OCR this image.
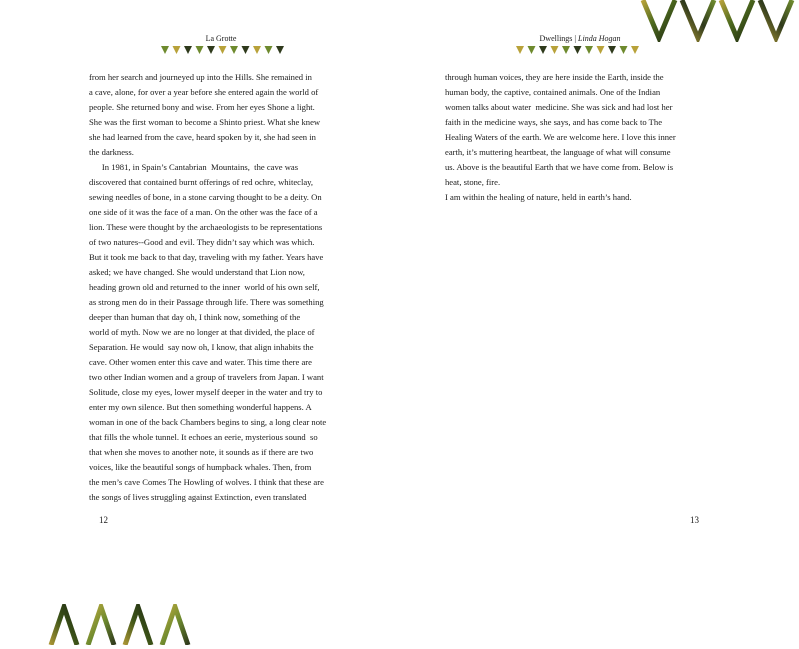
La Grotte	Dwellings | Linda Hogan

from her search and journeyed up into the Hills. She remained in

a cave, alone, for over a year before she entered again the world of

people. She returned bony and wise. From her eyes Shone a light.

She was the first woman to become a Shinto priest. What she knew

she had learned from the cave, heard spoken by it, she had seen in

the darkness.

In 1981, in Spain’s Cantabrian  Mountains,  the cave was

discovered that contained burnt offerings of red ochre, whiteclay,

sewing needles of bone, in a stone carving thought to be a deity. On

one side of it was the face of a man. On the other was the face of a

lion. These were thought by the archaeologists to be representations

of two natures--Good and evil. They didn’t say which was which.

But it took me back to that day, traveling with my father. Years have

asked; we have changed. She would understand that Lion now,

heading grown old and returned to the inner  world of his own self,

as strong men do in their Passage through life. There was something

deeper than human that day oh, I think now, something of the

world of myth. Now we are no longer at that divided, the place of

Separation. He would  say now oh, I know, that align inhabits the

cave. Other women enter this cave and water. This time there are

two other Indian women and a group of travelers from Japan. I want

Solitude, close my eyes, lower myself deeper in the water and try to

enter my own silence. But then something wonderful happens. A

woman in one of the back Chambers begins to sing, a long clear note

that fills the whole tunnel. It echoes an eerie, mysterious sound  so

that when she moves to another note, it sounds as if there are two

voices, like the beautiful songs of humpback whales. Then, from

the men’s cave Comes The Howling of wolves. I think that these are

the songs of lives struggling against Extinction, even translated

through human voices, they are here inside the Earth, inside the

human body, the captive, contained animals. One of the Indian

women talks about water  medicine. She was sick and had lost her

faith in the medicine ways, she says, and has come back to The

Healing Waters of the earth. We are welcome here. I love this inner

earth, it’s muttering heartbeat, the language of what will consume

us. Above is the beautiful Earth that we have come from. Below is

heat, stone, fire.

I am within the healing of nature, held in earth’s hand.

12	13
